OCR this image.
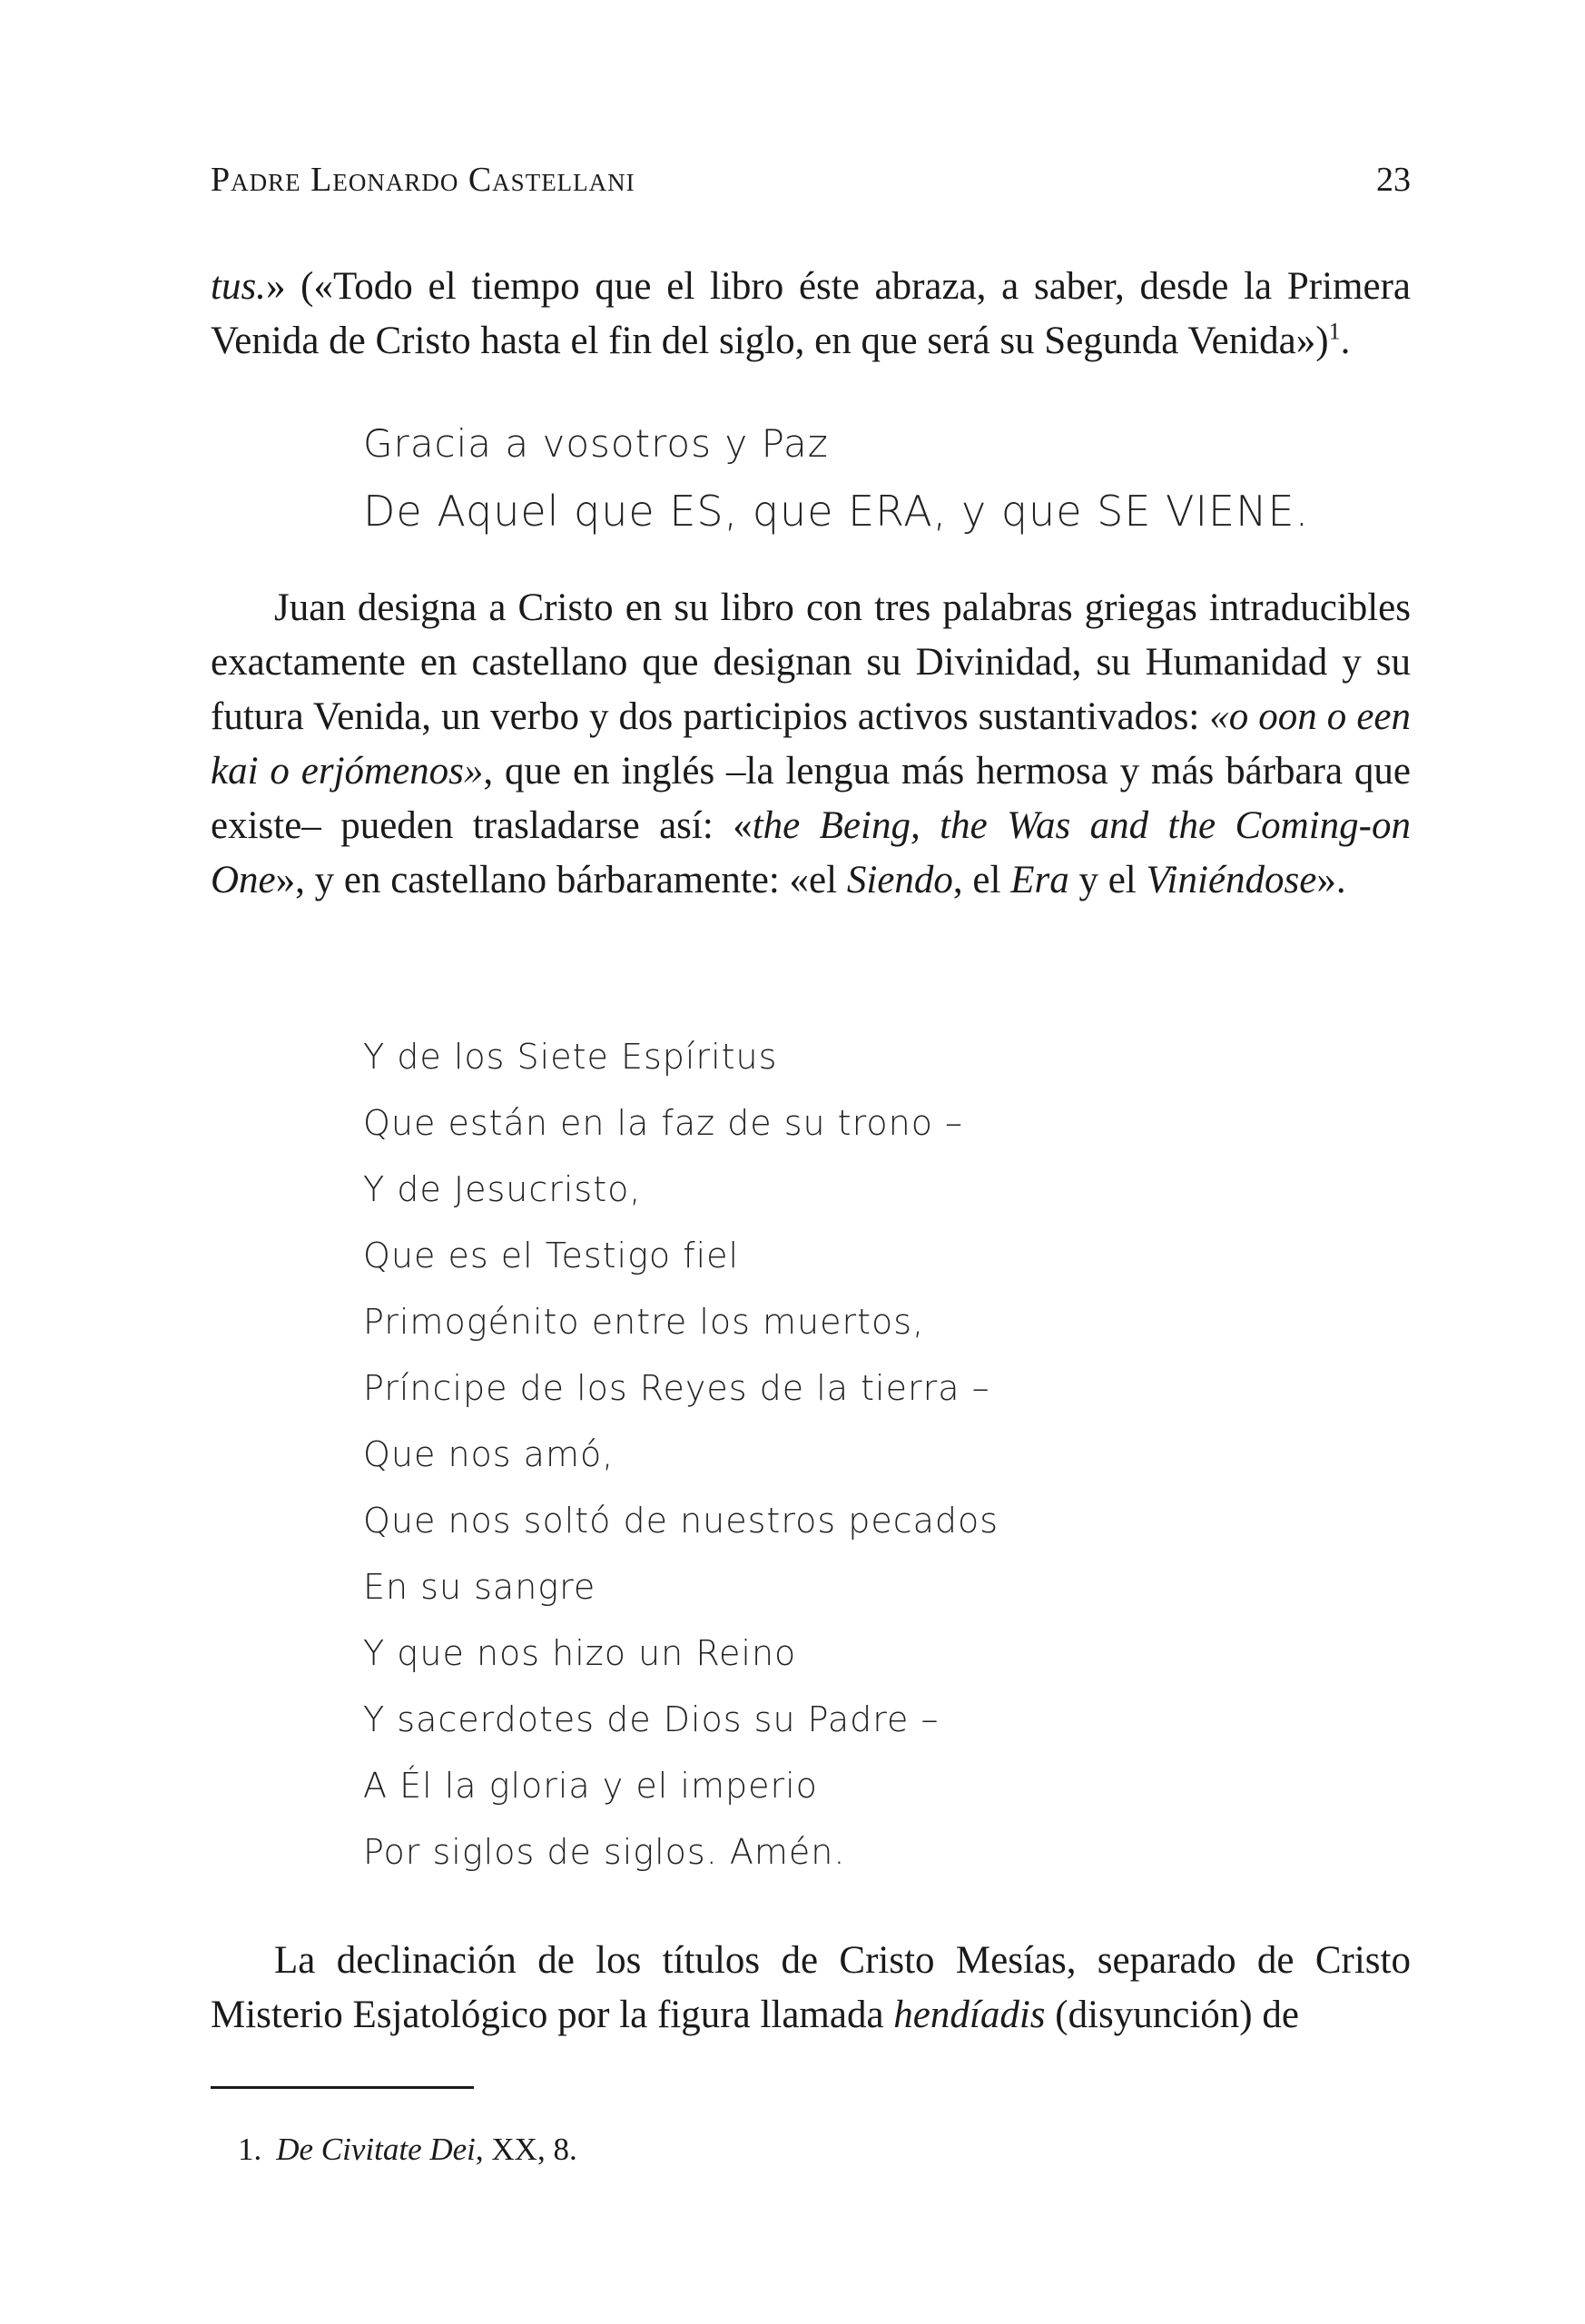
Padre Leonardo Castellani	23

tus.» («Todo el tiempo que el libro éste abraza, a saber, desde la Primera Venida de Cristo hasta el fin del siglo, en que será su Segunda Venida»)$^1$.

Gracia a vosotros y Paz
De Aquel que ES, que ERA, y que SE VIENE.

Juan designa a Cristo en su libro con tres palabras griegas intraducibles exactamente en castellano que designan su Divinidad, su Humanidad y su futura Venida, un verbo y dos participios activos sustantivados: «o oon o een kai o erjómenos», que en inglés –la lengua más hermosa y más bárbara que existe– pueden trasladarse así: «the Being, the Was and the Coming-on One», y en castellano bárbaramente: «el Siendo, el Era y el Viniéndose».

Y de los Siete Espíritus
Que están en la faz de su trono –
Y de Jesucristo,
Que es el Testigo fiel
Primogénito entre los muertos,
Príncipe de los Reyes de la tierra –
Que nos amó,
Que nos soltó de nuestros pecados
En su sangre
Y que nos hizo un Reino
Y sacerdotes de Dios su Padre –
A Él la gloria y el imperio
Por siglos de siglos. Amén.

La declinación de los títulos de Cristo Mesías, separado de Cristo Misterio Esjatológico por la figura llamada hendíadis (disyunción) de

1. De Civitate Dei, XX, 8.
